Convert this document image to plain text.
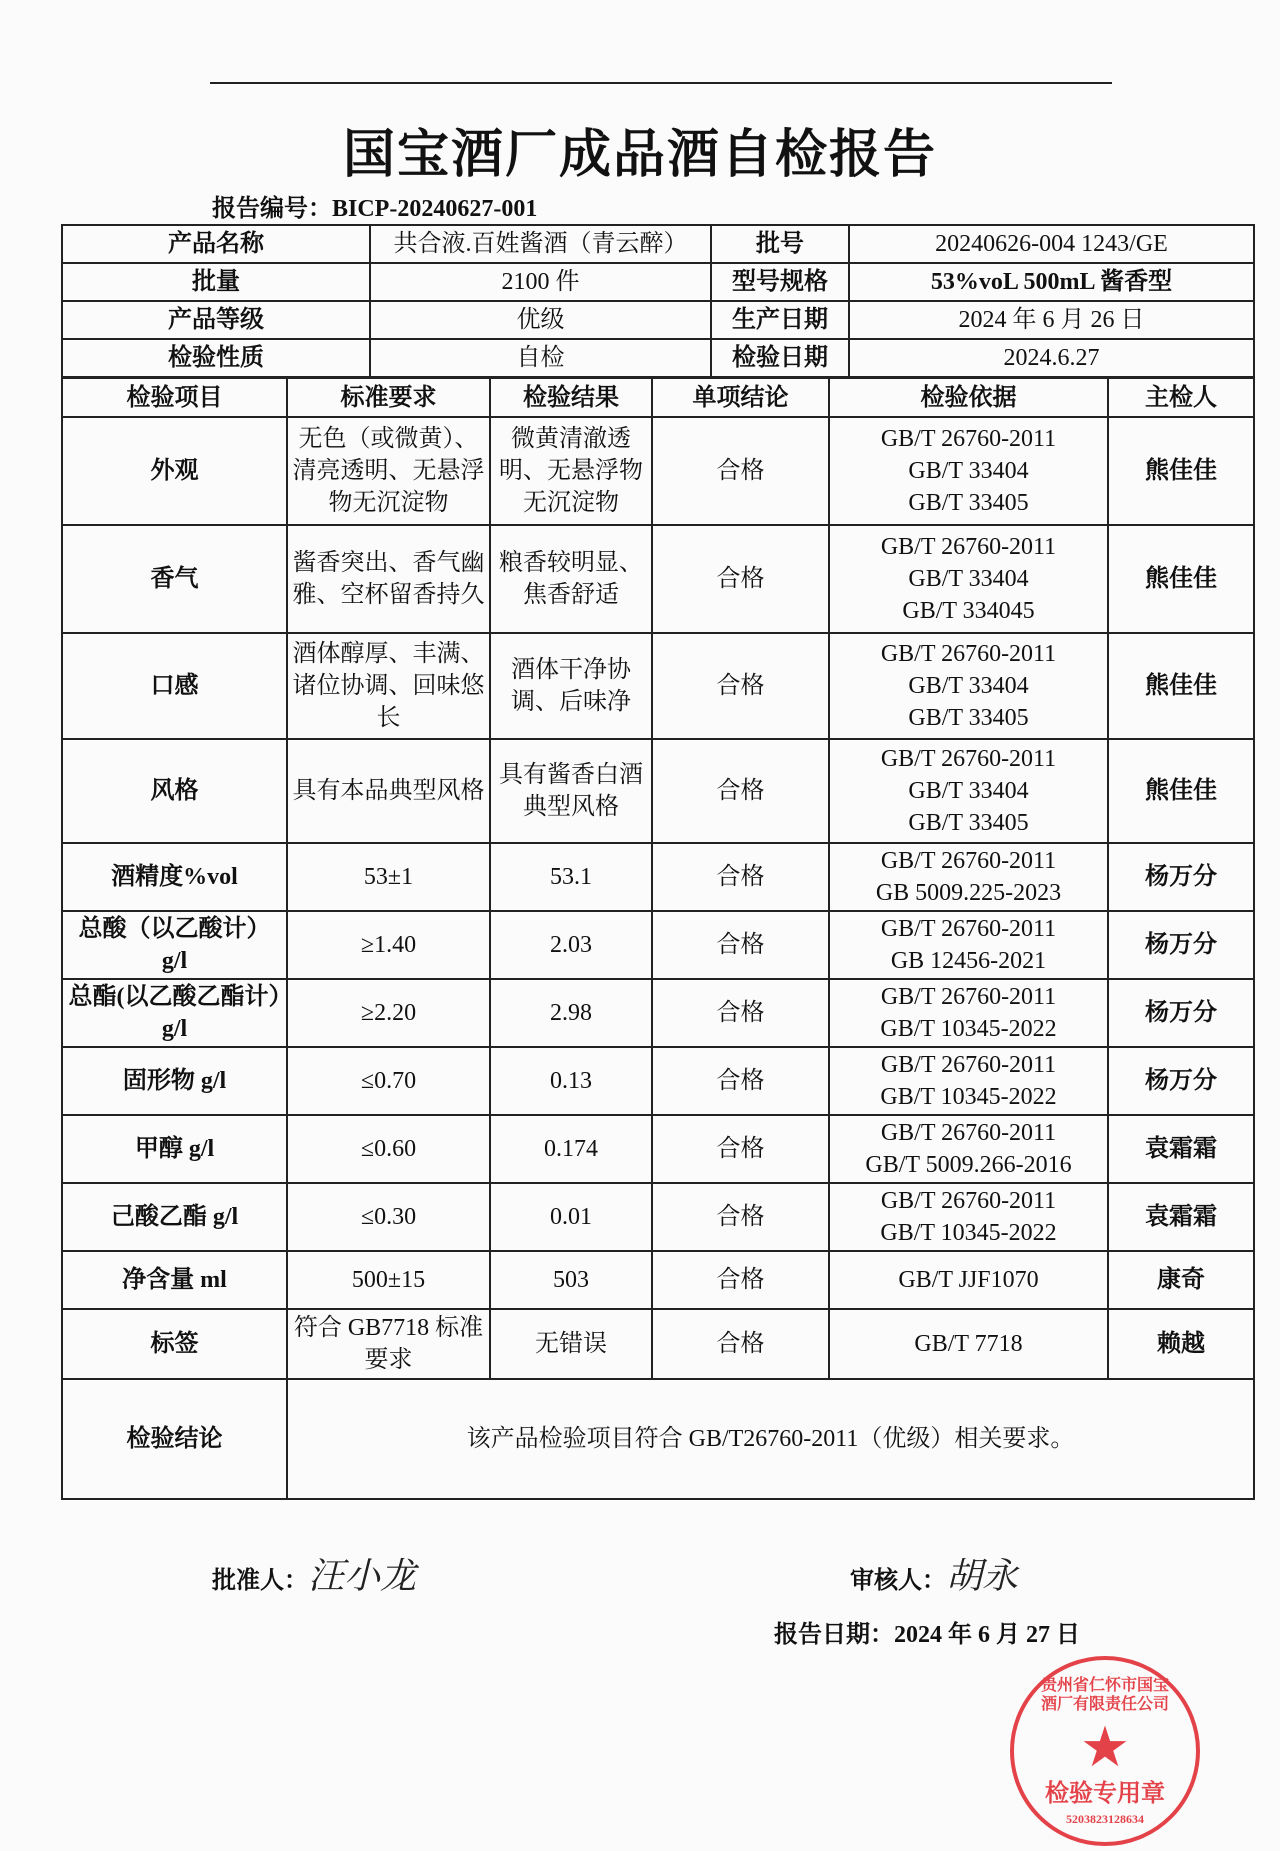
国宝酒厂成品酒自检报告
报告编号：BICP-20240627-001
产品名称	共合液.百姓酱酒（青云醉）	批号	20240626-004 1243/GE
批量	2100 件	型号规格	53%voL 500mL 酱香型
产品等级	优级	生产日期	2024 年 6 月 26 日
检验性质	自检	检验日期	2024.6.27
检验项目	标准要求	检验结果	单项结论	检验依据	主检人
外观	无色（或微黄）、清亮透明、无悬浮物无沉淀物	微黄清澈透明、无悬浮物无沉淀物	合格	GB/T 26760-2011
GB/T 33404
GB/T 33405	熊佳佳
香气	酱香突出、香气幽雅、空杯留香持久	粮香较明显、焦香舒适	合格	GB/T 26760-2011
GB/T 33404
GB/T 334045	熊佳佳
口感	酒体醇厚、丰满、诸位协调、回味悠长	酒体干净协调、后味净	合格	GB/T 26760-2011
GB/T 33404
GB/T 33405	熊佳佳
风格	具有本品典型风格	具有酱香白酒典型风格	合格	GB/T 26760-2011
GB/T 33404
GB/T 33405	熊佳佳
酒精度%vol	53±1	53.1	合格	GB/T 26760-2011
GB 5009.225-2023	杨万分
总酸（以乙酸计）g/l	≥1.40	2.03	合格	GB/T 26760-2011
GB 12456-2021	杨万分
总酯(以乙酸乙酯计）g/l	≥2.20	2.98	合格	GB/T 26760-2011
GB/T 10345-2022	杨万分
固形物 g/l	≤0.70	0.13	合格	GB/T 26760-2011
GB/T 10345-2022	杨万分
甲醇 g/l	≤0.60	0.174	合格	GB/T 26760-2011
GB/T 5009.266-2016	袁霜霜
己酸乙酯 g/l	≤0.30	0.01	合格	GB/T 26760-2011
GB/T 10345-2022	袁霜霜
净含量 ml	500±15	503	合格	GB/T JJF1070	康奇
标签	符合 GB7718 标准要求	无错误	合格	GB/T 7718	赖越
检验结论	该产品检验项目符合 GB/T26760-2011（优级）相关要求。				
批准人：汪小龙	审核人：胡永
报告日期：2024 年 6 月 27 日
贵州省仁怀市国宝酒厂有限责任公司
★
检验专用章
5203823128634
